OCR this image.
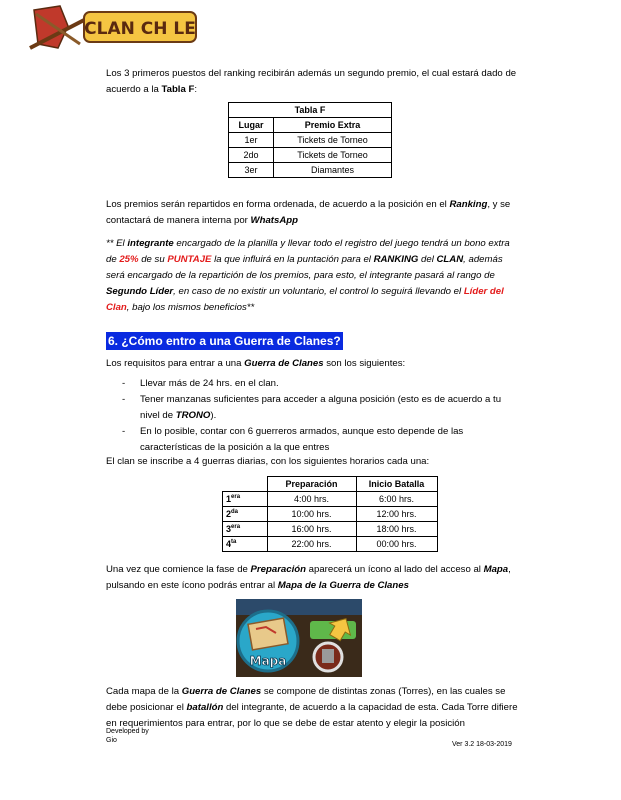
CLAN CH LE

Los 3 primeros puestos del ranking recibirán además un segundo premio, el cual estará dado de acuerdo a la Tabla F:

Tabla F	
Lugar	Premio Extra
1er	Tickets de Torneo
2do	Tickets de Torneo
3er	Diamantes

Los premios serán repartidos en forma ordenada, de acuerdo a la posición en el Ranking, y se contactará de manera interna por WhatsApp

** El integrante encargado de la planilla y llevar todo el registro del juego tendrá un bono extra de 25% de su PUNTAJE la que influirá en la puntación para el RANKING del CLAN, además será encargado de la repartición de los premios, para esto, el integrante pasará al rango de Segundo Líder, en caso de no existir un voluntario, el control lo seguirá llevando el Líder del Clan, bajo los mismos beneficios**

6. ¿Cómo entro a una Guerra de Clanes?

Los requisitos para entrar a una Guerra de Clanes son los siguientes:

- Llevar más de 24 hrs. en el clan.
- Tener manzanas suficientes para acceder a alguna posición (esto es de acuerdo a tu nivel de TRONO).
- En lo posible, contar con 6 guerreros armados, aunque esto depende de las características de la posición a la que entres

El clan se inscribe a 4 guerras diarias, con los siguientes horarios cada una:

	Preparación	Inicio Batalla
$1^{era}$	4:00 hrs.	6:00 hrs.
$2^{da}$	10:00 hrs.	12:00 hrs.
$3^{era}$	16:00 hrs.	18:00 hrs.
$4^{ta}$	22:00 hrs.	00:00 hrs.

Una vez que comience la fase de Preparación aparecerá un ícono al lado del acceso al Mapa, pulsando en este ícono podrás entrar al Mapa de la Guerra de Clanes

Mapa

Cada mapa de la Guerra de Clanes se compone de distintas zonas (Torres), en las cuales se debe posicionar el batallón del integrante, de acuerdo a la capacidad de esta. Cada Torre difiere en requerimientos para entrar, por lo que se debe de estar atento y elegir la posición

Developed by
Gio
Ver 3.2 18-03-2019
